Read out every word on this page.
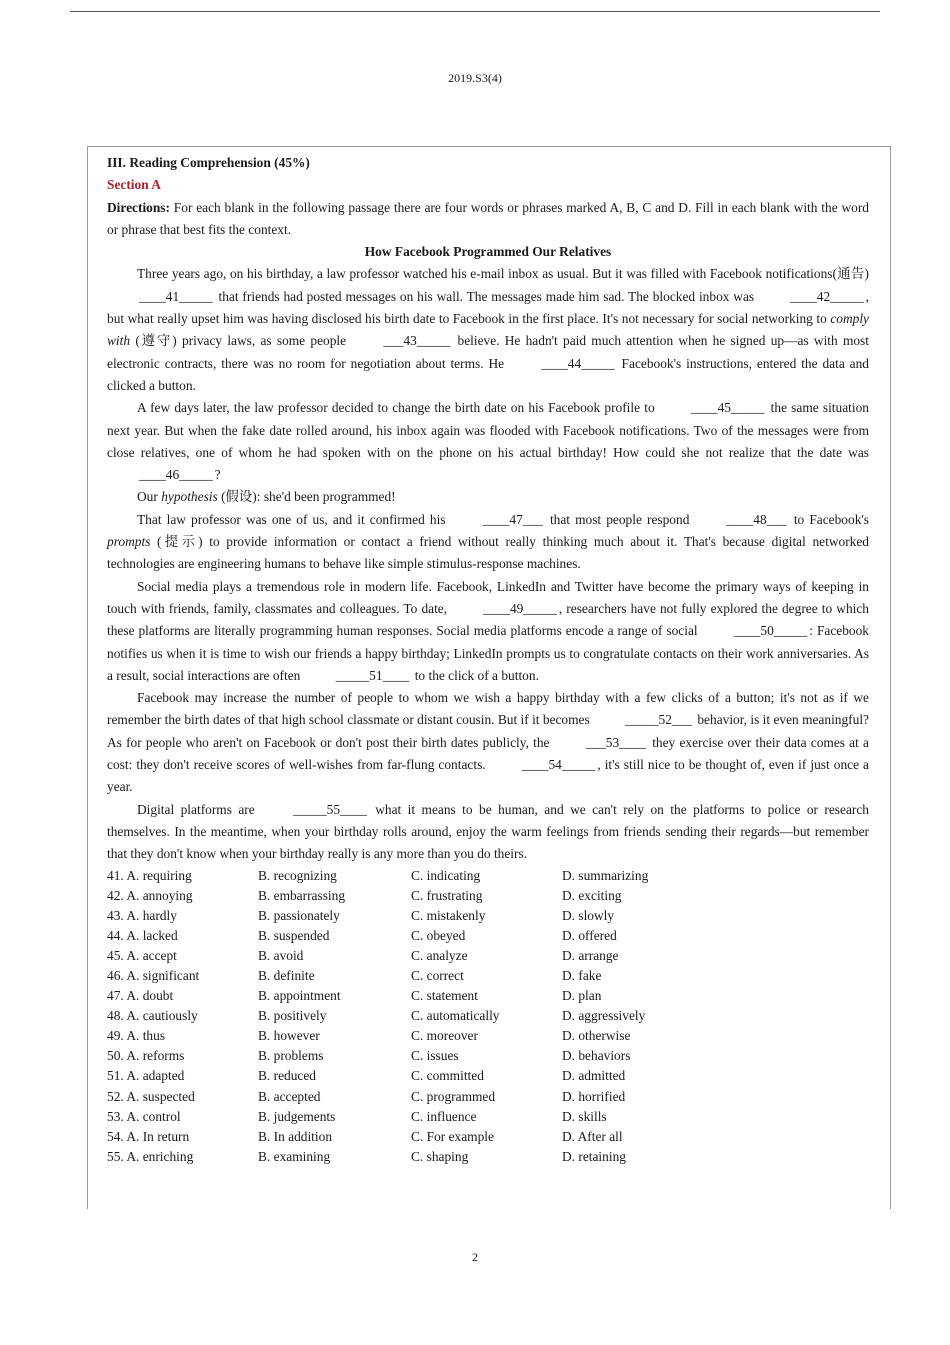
2019.S3(4)
III. Reading Comprehension (45%)
Section A
Directions: For each blank in the following passage there are four words or phrases marked A, B, C and D. Fill in each blank with the word or phrase that best fits the context.
How Facebook Programmed Our Relatives

Three years ago, on his birthday, a law professor watched his e-mail inbox as usual. But it was filled with Facebook notifications(通告) ____41_____ that friends had posted messages on his wall. The messages made him sad. The blocked inbox was ____42_____ , but what really upset him was having disclosed his birth date to Facebook in the first place. It's not necessary for social networking to comply with (遵守) privacy laws, as some people ___43_____ believe. He hadn't paid much attention when he signed up—as with most electronic contracts, there was no room for negotiation about terms. He ____44_____ Facebook's instructions, entered the data and clicked a button.

A few days later, the law professor decided to change the birth date on his Facebook profile to ____45_____ the same situation next year. But when the fake date rolled around, his inbox again was flooded with Facebook notifications. Two of the messages were from close relatives, one of whom he had spoken with on the phone on his actual birthday! How could she not realize that the date was ____46_____ ?

Our hypothesis (假设): she'd been programmed!

That law professor was one of us, and it confirmed his ____47___ that most people respond ____48___ to Facebook's prompts (提示) to provide information or contact a friend without really thinking much about it. That's because digital networked technologies are engineering humans to behave like simple stimulus-response machines.

Social media plays a tremendous role in modern life. Facebook, LinkedIn and Twitter have become the primary ways of keeping in touch with friends, family, classmates and colleagues. To date, ____49_____ , researchers have not fully explored the degree to which these platforms are literally programming human responses. Social media platforms encode a range of social ____50_____ : Facebook notifies us when it is time to wish our friends a happy birthday; LinkedIn prompts us to congratulate contacts on their work anniversaries. As a result, social interactions are often _____51____ to the click of a button.

Facebook may increase the number of people to whom we wish a happy birthday with a few clicks of a button; it's not as if we remember the birth dates of that high school classmate or distant cousin. But if it becomes _____52___ behavior, is it even meaningful? As for people who aren't on Facebook or don't post their birth dates publicly, the ___53____ they exercise over their data comes at a cost: they don't receive scores of well-wishes from far-flung contacts. ____54_____ , it's still nice to be thought of, even if just once a year.

Digital platforms are _____55____ what it means to be human, and we can't rely on the platforms to police or research themselves. In the meantime, when your birthday rolls around, enjoy the warm feelings from friends sending their regards—but remember that they don't know when your birthday really is any more than you do theirs.

41. A. requiring	B. recognizing	C. indicating	D. summarizing
42. A. annoying	B. embarrassing	C. frustrating	D. exciting
43. A. hardly	B. passionately	C. mistakenly	D. slowly
44. A. lacked	B. suspended	C. obeyed	D. offered
45. A. accept	B. avoid	C. analyze	D. arrange
46. A. significant	B. definite	C. correct	D. fake
47. A. doubt	B. appointment	C. statement	D. plan
48. A. cautiously	B. positively	C. automatically	D. aggressively
49. A. thus	B. however	C. moreover	D. otherwise
50. A. reforms	B. problems	C. issues	D. behaviors
51. A. adapted	B. reduced	C. committed	D. admitted
52. A. suspected	B. accepted	C. programmed	D. horrified
53. A. control	B. judgements	C. influence	D. skills
54. A. In return	B. In addition	C. For example	D. After all
55. A. enriching	B. examining	C. shaping	D. retaining
2
